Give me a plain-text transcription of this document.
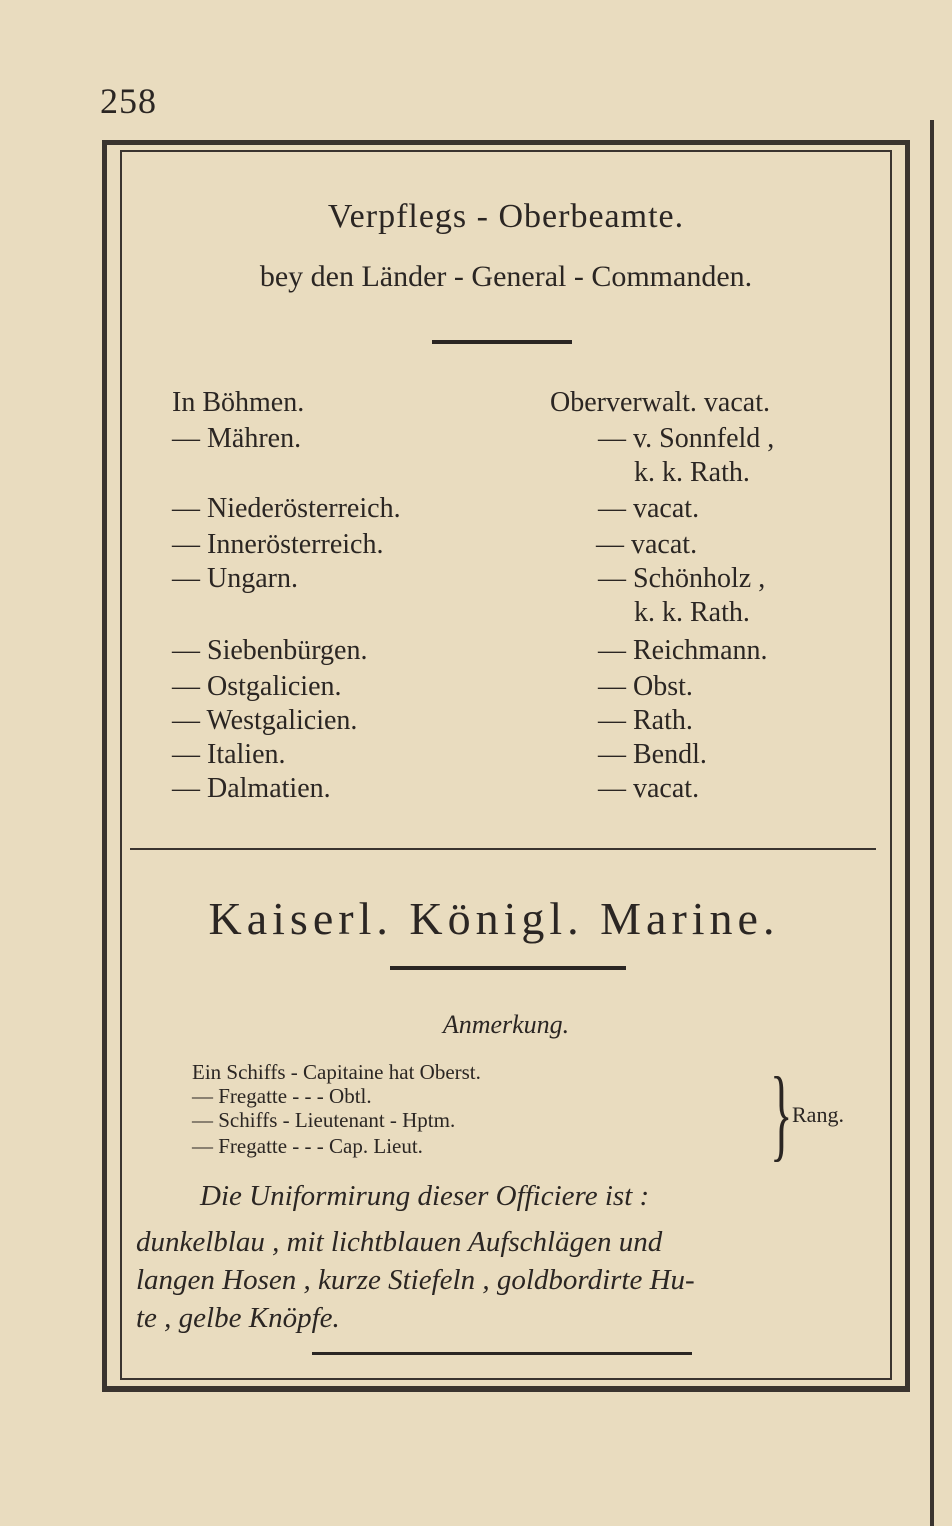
258
Verpflegs - Oberbeamte.
bey den Länder - General - Commanden.
In Böhmen.	Oberverwalt. vacat.
— Mähren.	— v. Sonnfeld ,
k. k. Rath.
— Niederösterreich.	— vacat.
— Innerösterreich.	— vacat.
— Ungarn.	— Schönholz ,
k. k. Rath.
— Siebenbürgen.	— Reichmann.
— Ostgalicien.	— Obst.
— Westgalicien.	— Rath.
— Italien.	— Bendl.
— Dalmatien.	— vacat.
Kaiserl. Königl. Marine.
Anmerkung.
Ein Schiffs - Capitaine hat Oberst.
— Fregatte - - - Obtl.
— Schiffs - Lieutenant - Hptm.
— Fregatte - - - Cap. Lieut.	} Rang.
Die Uniformirung dieser Officiere ist :
dunkelblau , mit lichtblauen Aufschlägen und
langen Hosen , kurze Stiefeln , goldbordirte Hu-
te , gelbe Knöpfe.
